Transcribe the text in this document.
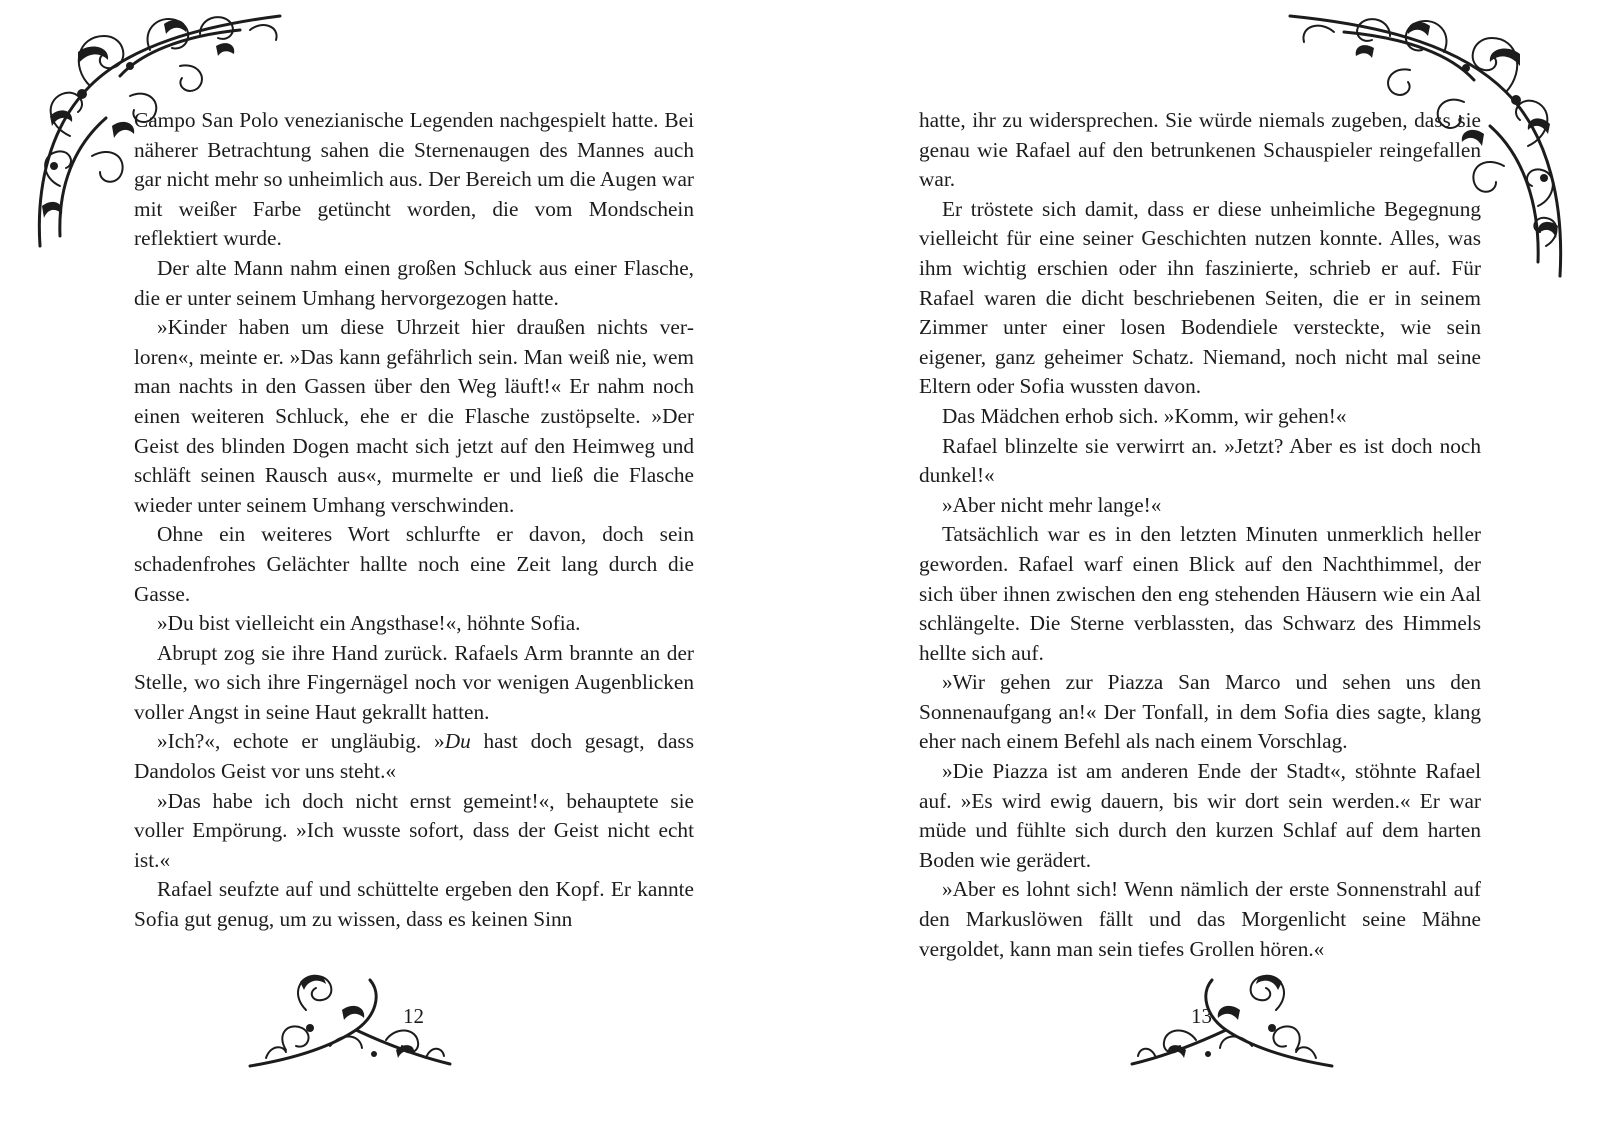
Campo San Polo venezianische Legenden nachgespielt hatte. Bei näherer Betrachtung sahen die Sternenaugen des Mannes auch gar nicht mehr so unheimlich aus. Der Bereich um die Augen war mit weißer Farbe getüncht worden, die vom Mondschein reflektiert wurde.

Der alte Mann nahm einen großen Schluck aus einer Flasche, die er unter seinem Umhang hervorgezogen hatte.

»Kinder haben um diese Uhrzeit hier draußen nichts verloren«, meinte er. »Das kann gefährlich sein. Man weiß nie, wem man nachts in den Gassen über den Weg läuft!« Er nahm noch einen weiteren Schluck, ehe er die Flasche zustöpselte. »Der Geist des blinden Dogen macht sich jetzt auf den Heimweg und schläft seinen Rausch aus«, murmelte er und ließ die Flasche wieder unter seinem Umhang verschwinden.

Ohne ein weiteres Wort schlurfte er davon, doch sein schadenfrohes Gelächter hallte noch eine Zeit lang durch die Gasse.

»Du bist vielleicht ein Angsthase!«, höhnte Sofia.

Abrupt zog sie ihre Hand zurück. Rafaels Arm brannte an der Stelle, wo sich ihre Fingernägel noch vor wenigen Augenblicken voller Angst in seine Haut gekrallt hatten.

»Ich?«, echote er ungläubig. »Du hast doch gesagt, dass Dandolos Geist vor uns steht.«

»Das habe ich doch nicht ernst gemeint!«, behauptete sie voller Empörung. »Ich wusste sofort, dass der Geist nicht echt ist.«

Rafael seufzte auf und schüttelte ergeben den Kopf. Er kannte Sofia gut genug, um zu wissen, dass es keinen Sinn

12

hatte, ihr zu widersprechen. Sie würde niemals zugeben, dass sie genau wie Rafael auf den betrunkenen Schauspieler reingefallen war.

Er tröstete sich damit, dass er diese unheimliche Begegnung vielleicht für eine seiner Geschichten nutzen konnte. Alles, was ihm wichtig erschien oder ihn faszinierte, schrieb er auf. Für Rafael waren die dicht beschriebenen Seiten, die er in seinem Zimmer unter einer losen Bodendiele versteckte, wie sein eigener, ganz geheimer Schatz. Niemand, noch nicht mal seine Eltern oder Sofia wussten davon.

Das Mädchen erhob sich. »Komm, wir gehen!«

Rafael blinzelte sie verwirrt an. »Jetzt? Aber es ist doch noch dunkel!«

»Aber nicht mehr lange!«

Tatsächlich war es in den letzten Minuten unmerklich heller geworden. Rafael warf einen Blick auf den Nachthimmel, der sich über ihnen zwischen den eng stehenden Häusern wie ein Aal schlängelte. Die Sterne verblassten, das Schwarz des Himmels hellte sich auf.

»Wir gehen zur Piazza San Marco und sehen uns den Sonnenaufgang an!« Der Tonfall, in dem Sofia dies sagte, klang eher nach einem Befehl als nach einem Vorschlag.

»Die Piazza ist am anderen Ende der Stadt«, stöhnte Rafael auf. »Es wird ewig dauern, bis wir dort sein werden.« Er war müde und fühlte sich durch den kurzen Schlaf auf dem harten Boden wie gerädert.

»Aber es lohnt sich! Wenn nämlich der erste Sonnenstrahl auf den Markuslöwen fällt und das Morgenlicht seine Mähne vergoldet, kann man sein tiefes Grollen hören.«

13
